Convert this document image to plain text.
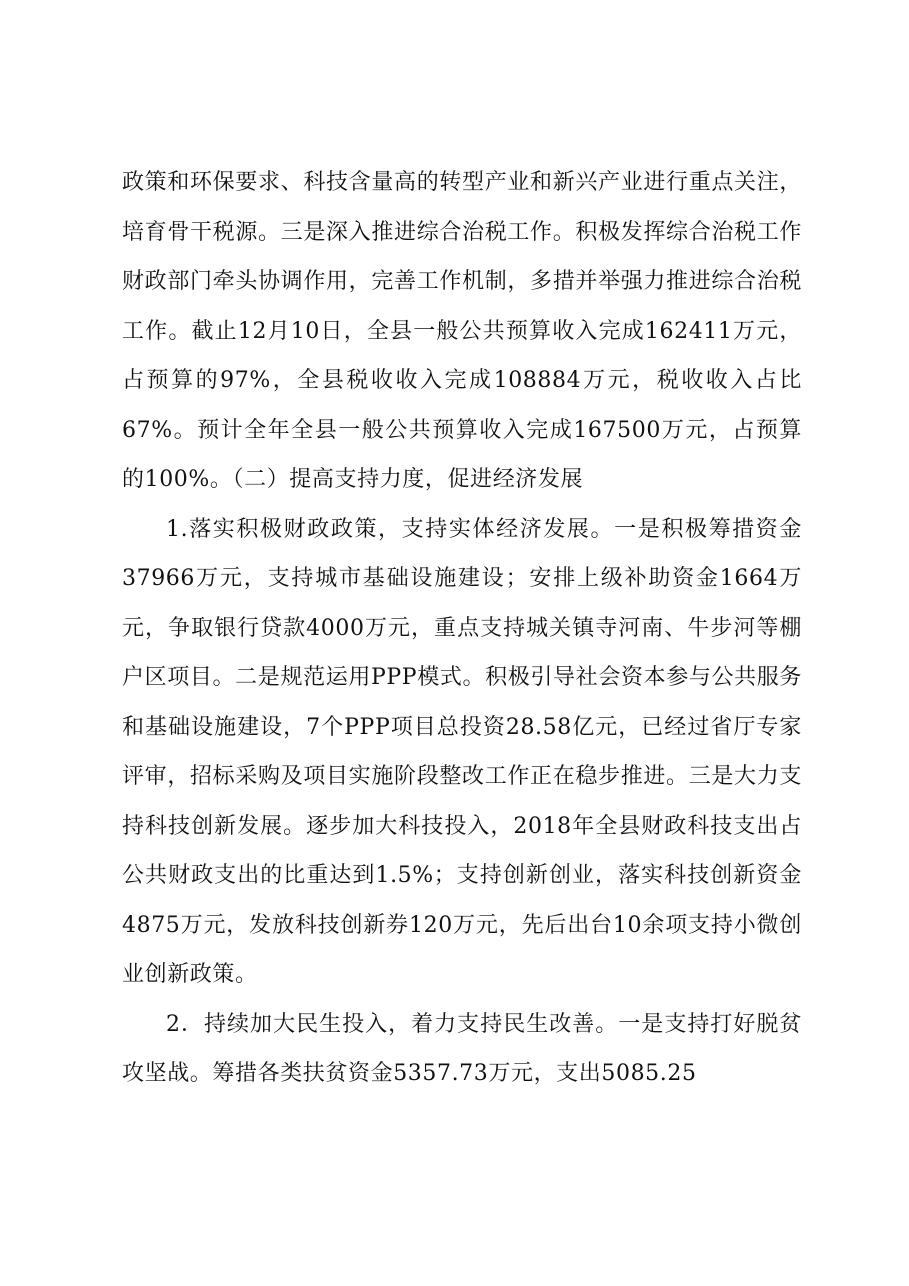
政策和环保要求、科技含量高的转型产业和新兴产业进行重点关注，培育骨干税源。三是深入推进综合治税工作。积极发挥综合治税工作财政部门牵头协调作用，完善工作机制，多措并举强力推进综合治税工作。截止12月10日，全县一般公共预算收入完成162411万元，占预算的97%，全县税收收入完成108884万元，税收收入占比67%。预计全年全县一般公共预算收入完成167500万元，占预算的100%。（二）提高支持力度，促进经济发展

1.落实积极财政政策，支持实体经济发展。一是积极筹措资金37966万元，支持城市基础设施建设；安排上级补助资金1664万元，争取银行贷款4000万元，重点支持城关镇寺河南、牛步河等棚户区项目。二是规范运用PPP模式。积极引导社会资本参与公共服务和基础设施建设，7个PPP项目总投资28.58亿元，已经过省厅专家评审，招标采购及项目实施阶段整改工作正在稳步推进。三是大力支持科技创新发展。逐步加大科技投入，2018年全县财政科技支出占公共财政支出的比重达到1.5%；支持创新创业，落实科技创新资金4875万元，发放科技创新券120万元，先后出台10余项支持小微创业创新政策。

2．持续加大民生投入，着力支持民生改善。一是支持打好脱贫攻坚战。筹措各类扶贫资金5357.73万元，支出5085.25
